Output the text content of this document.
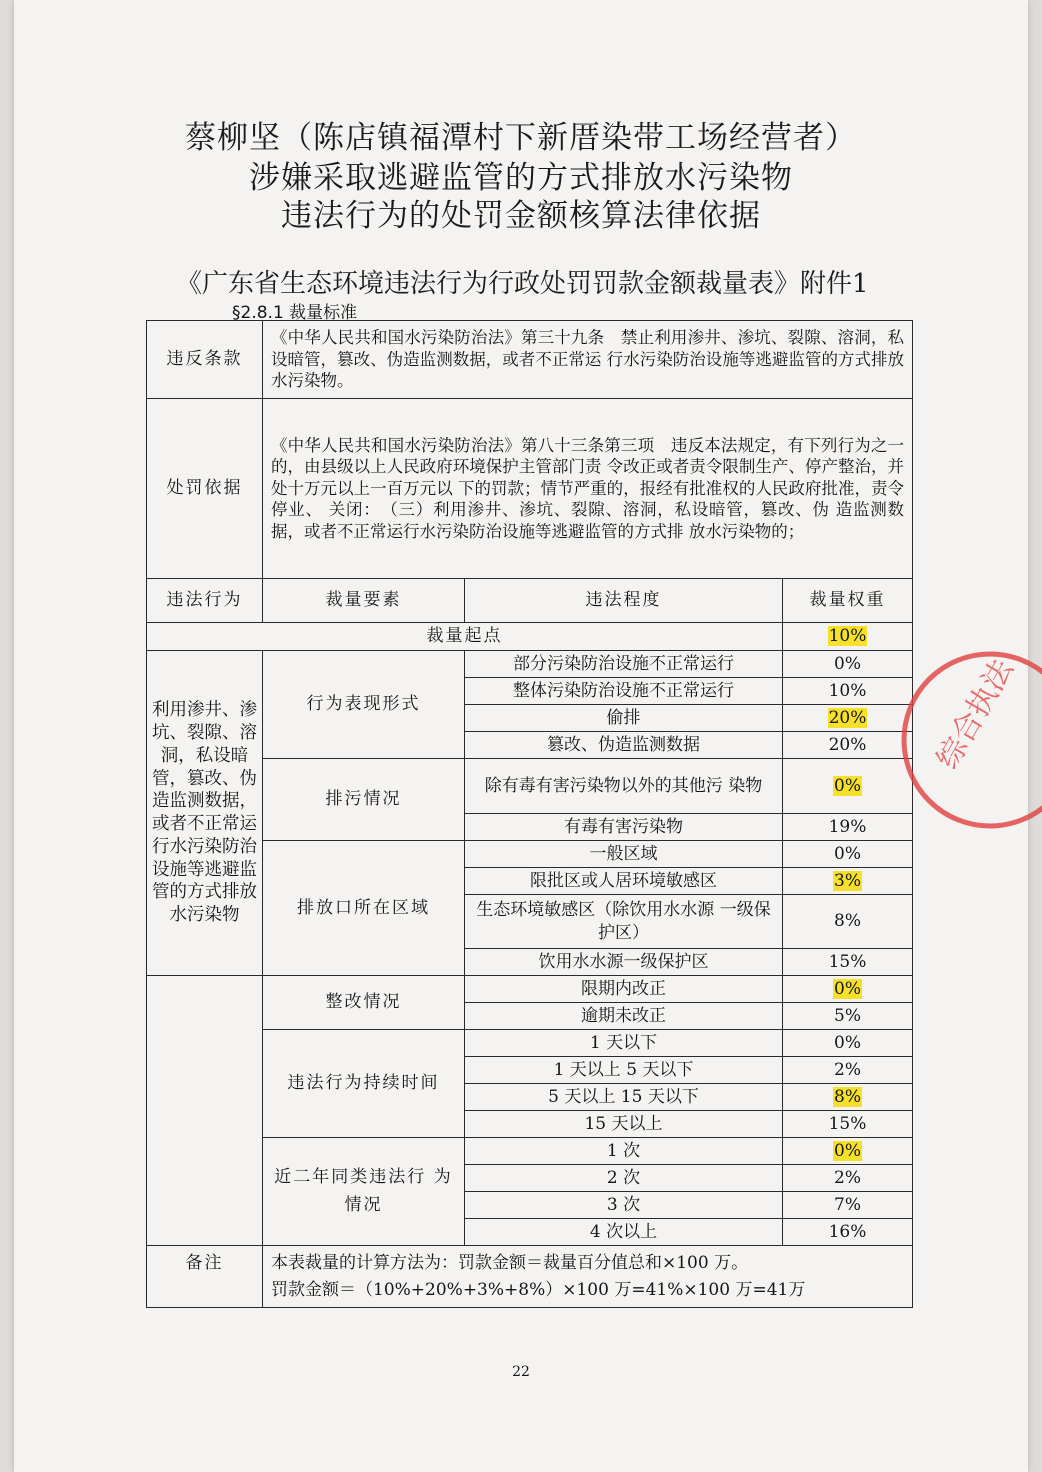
蔡柳坚（陈店镇福潭村下新厝染带工场经营者）
涉嫌采取逃避监管的方式排放水污染物
违法行为的处罚金额核算法律依据
《广东省生态环境违法行为行政处罚罚款金额裁量表》附件1
§2.8.1 裁量标准
违反条款	《中华人民共和国水污染防治法》第三十九条　禁止利用渗井、渗坑、裂隙、溶洞，私设暗管，篡改、伪造监测数据，或者不正常运 行水污染防治设施等逃避监管的方式排放水污染物。		
处罚依据	《中华人民共和国水污染防治法》第八十三条第三项　违反本法规定，有下列行为之一的，由县级以上人民政府环境保护主管部门责 令改正或者责令限制生产、停产整治，并处十万元以上一百万元以 下的罚款；情节严重的，报经有批准权的人民政府批准，责令停业、 关闭：　（三）利用渗井、渗坑、裂隙、溶洞，私设暗管，篡改、伪 造监测数据，或者不正常运行水污染防治设施等逃避监管的方式排 放水污染物的；		
违法行为	裁量要素	违法程度	裁量权重
裁量起点			10%
利用渗井、渗坑、裂隙、溶洞，私设暗管，篡改、伪造监测数据，或者不正常运行水污染防治设施等逃避监管的方式排放水污染物	行为表现形式	部分污染防治设施不正常运行	0%
		整体污染防治设施不正常运行	10%
		偷排	20%
		篡改、伪造监测数据	20%
	排污情况	除有毒有害污染物以外的其他污 染物	0%
		有毒有害污染物	19%
	排放口所在区域	一般区域	0%
		限批区或人居环境敏感区	3%
		生态环境敏感区（除饮用水水源 一级保护区）	8%
		饮用水水源一级保护区	15%
	整改情况	限期内改正	0%
		逾期未改正	5%
	违法行为持续时间	1 天以下	0%
		1 天以上 5 天以下	2%
		5 天以上 15 天以下	8%
		15 天以上	15%
	近二年同类违法行 为情况	1 次	0%
		2 次	2%
		3 次	7%
		4 次以上	16%
备注	本表裁量的计算方法为：罚款金额＝裁量百分值总和×100 万。
罚款金额＝（10%+20%+3%+8%）×100 万=41%×100 万=41万		
综合执法
22
